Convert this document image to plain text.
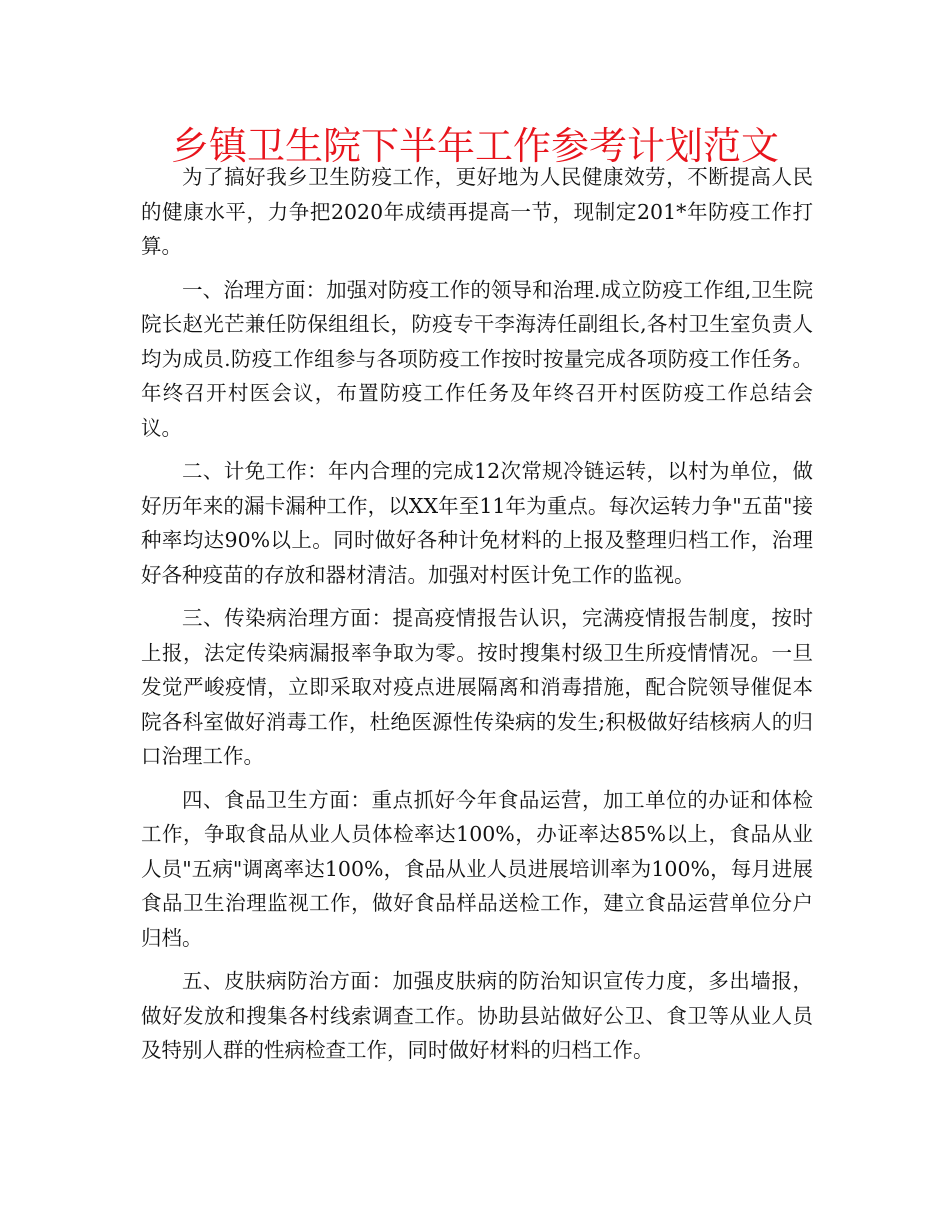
乡镇卫生院下半年工作参考计划范文

为了搞好我乡卫生防疫工作，更好地为人民健康效劳，不断提高人民的健康水平，力争把2020年成绩再提高一节，现制定201*年防疫工作打算。

一、治理方面：加强对防疫工作的领导和治理.成立防疫工作组,卫生院院长赵光芒兼任防保组组长，防疫专干李海涛任副组长,各村卫生室负责人均为成员.防疫工作组参与各项防疫工作按时按量完成各项防疫工作任务。年终召开村医会议，布置防疫工作任务及年终召开村医防疫工作总结会议。

二、计免工作：年内合理的完成12次常规冷链运转，以村为单位，做好历年来的漏卡漏种工作，以XX年至11年为重点。每次运转力争"五苗"接种率均达90%以上。同时做好各种计免材料的上报及整理归档工作，治理好各种疫苗的存放和器材清洁。加强对村医计免工作的监视。

三、传染病治理方面：提高疫情报告认识，完满疫情报告制度，按时上报，法定传染病漏报率争取为零。按时搜集村级卫生所疫情情况。一旦发觉严峻疫情，立即采取对疫点进展隔离和消毒措施，配合院领导催促本院各科室做好消毒工作，杜绝医源性传染病的发生;积极做好结核病人的归口治理工作。

四、食品卫生方面：重点抓好今年食品运营，加工单位的办证和体检工作，争取食品从业人员体检率达100%，办证率达85%以上，食品从业人员"五病"调离率达100%，食品从业人员进展培训率为100%，每月进展食品卫生治理监视工作，做好食品样品送检工作，建立食品运营单位分户归档。

五、皮肤病防治方面：加强皮肤病的防治知识宣传力度，多出墙报，做好发放和搜集各村线索调查工作。协助县站做好公卫、食卫等从业人员及特别人群的性病检查工作，同时做好材料的归档工作。
